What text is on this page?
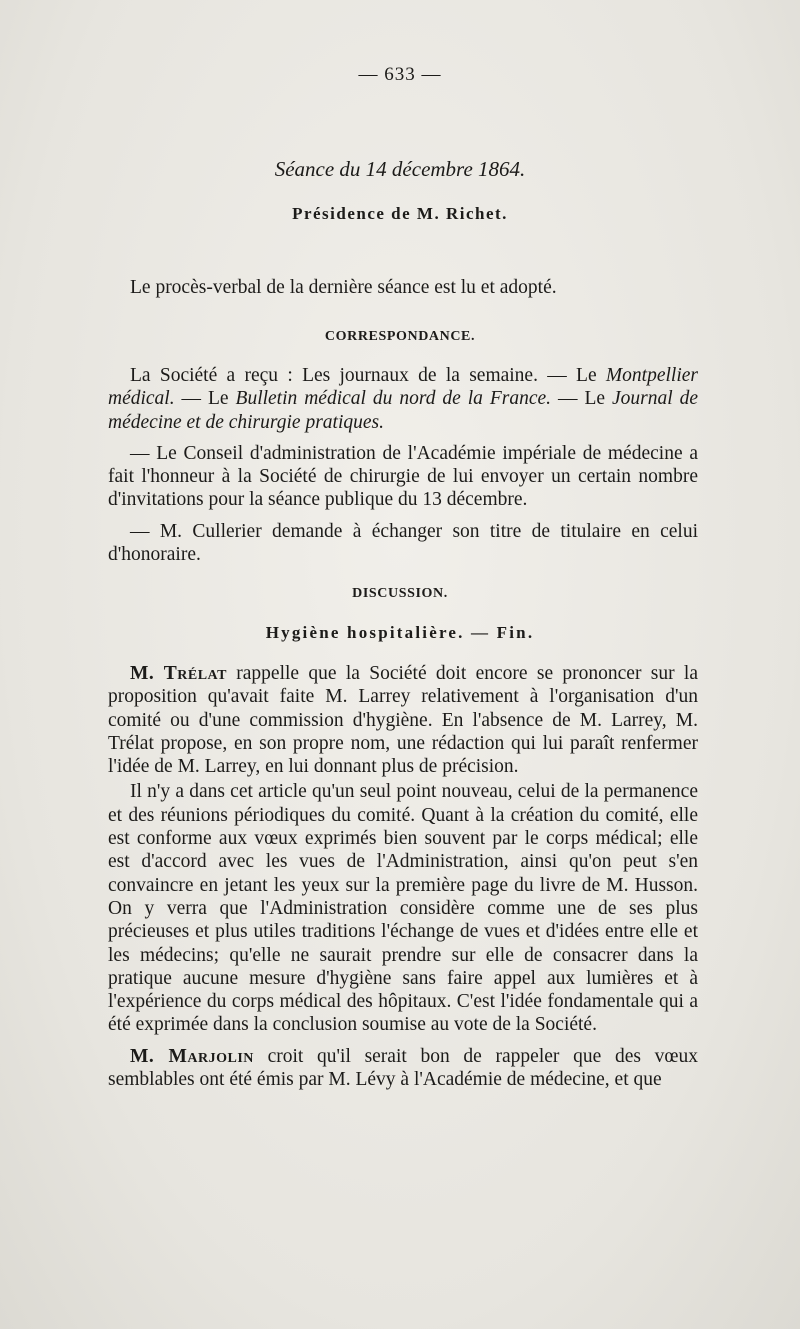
— 633 —
Séance du 14 décembre 1864.
Présidence de M. Richet.

Le procès-verbal de la dernière séance est lu et adopté.

CORRESPONDANCE.

La Société a reçu : Les journaux de la semaine. — Le Montpellier médical. — Le Bulletin médical du nord de la France. — Le Journal de médecine et de chirurgie pratiques.

— Le Conseil d'administration de l'Académie impériale de médecine a fait l'honneur à la Société de chirurgie de lui envoyer un certain nombre d'invitations pour la séance publique du 13 décembre.

— M. Cullerier demande à échanger son titre de titulaire en celui d'honoraire.

DISCUSSION.
Hygiène hospitalière. — Fin.

M. Trélat rappelle que la Société doit encore se prononcer sur la proposition qu'avait faite M. Larrey relativement à l'organisation d'un comité ou d'une commission d'hygiène. En l'absence de M. Larrey, M. Trélat propose, en son propre nom, une rédaction qui lui paraît renfermer l'idée de M. Larrey, en lui donnant plus de précision.

Il n'y a dans cet article qu'un seul point nouveau, celui de la permanence et des réunions périodiques du comité. Quant à la création du comité, elle est conforme aux vœux exprimés bien souvent par le corps médical; elle est d'accord avec les vues de l'Administration, ainsi qu'on peut s'en convaincre en jetant les yeux sur la première page du livre de M. Husson. On y verra que l'Administration considère comme une de ses plus précieuses et plus utiles traditions l'échange de vues et d'idées entre elle et les médecins; qu'elle ne saurait prendre sur elle de consacrer dans la pratique aucune mesure d'hygiène sans faire appel aux lumières et à l'expérience du corps médical des hôpitaux. C'est l'idée fondamentale qui a été exprimée dans la conclusion soumise au vote de la Société.

M. Marjolin croit qu'il serait bon de rappeler que des vœux semblables ont été émis par M. Lévy à l'Académie de médecine, et que
